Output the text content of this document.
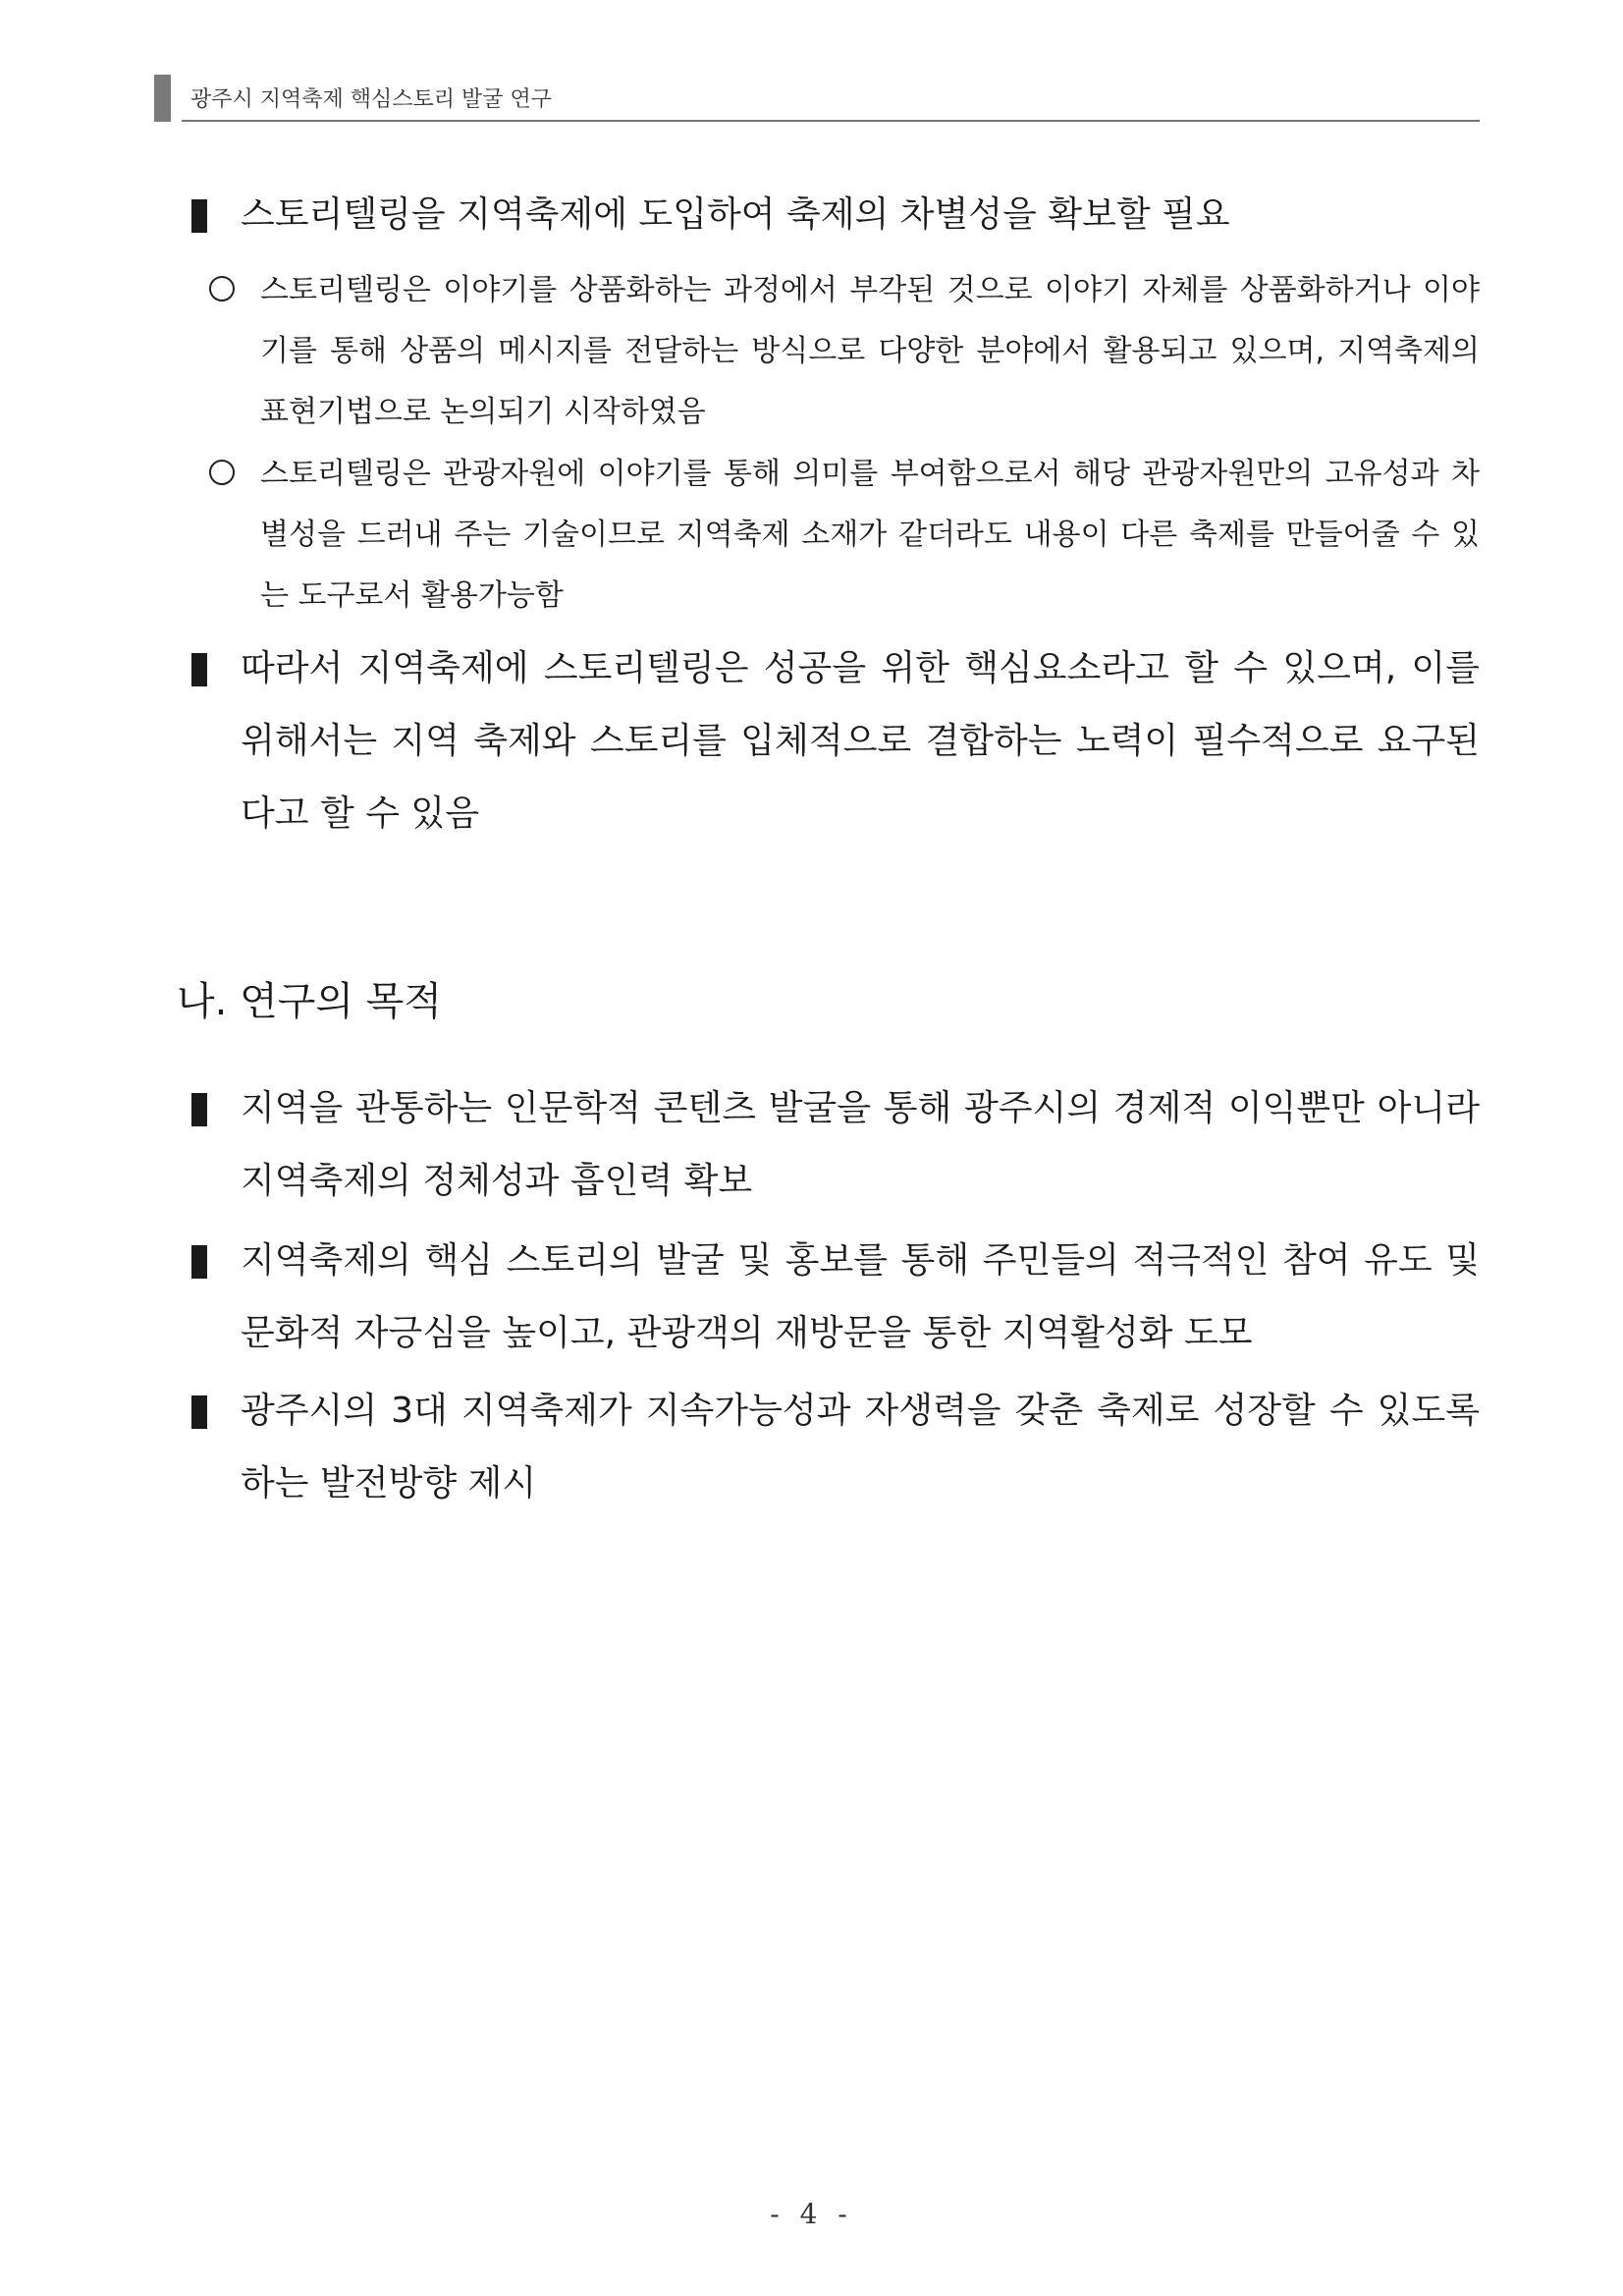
광주시 지역축제 핵심스토리 발굴 연구

스토리텔링을 지역축제에 도입하여 축제의 차별성을 확보할 필요

스토리텔링은 이야기를 상품화하는 과정에서 부각된 것으로 이야기 자체를 상품화하거나 이야기를 통해 상품의 메시지를 전달하는 방식으로 다양한 분야에서 활용되고 있으며, 지역축제의 표현기법으로 논의되기 시작하였음

스토리텔링은 관광자원에 이야기를 통해 의미를 부여함으로서 해당 관광자원만의 고유성과 차별성을 드러내 주는 기술이므로 지역축제 소재가 같더라도 내용이 다른 축제를 만들어줄 수 있는 도구로서 활용가능함

따라서 지역축제에 스토리텔링은 성공을 위한 핵심요소라고 할 수 있으며, 이를 위해서는 지역 축제와 스토리를 입체적으로 결합하는 노력이 필수적으로 요구된다고 할 수 있음

나. 연구의 목적

지역을 관통하는 인문학적 콘텐츠 발굴을 통해 광주시의 경제적 이익뿐만 아니라 지역축제의 정체성과 흡인력 확보

지역축제의 핵심 스토리의 발굴 및 홍보를 통해 주민들의 적극적인 참여 유도 및 문화적 자긍심을 높이고, 관광객의 재방문을 통한 지역활성화 도모

광주시의 3대 지역축제가 지속가능성과 자생력을 갖춘 축제로 성장할 수 있도록 하는 발전방향 제시

- 4 -
